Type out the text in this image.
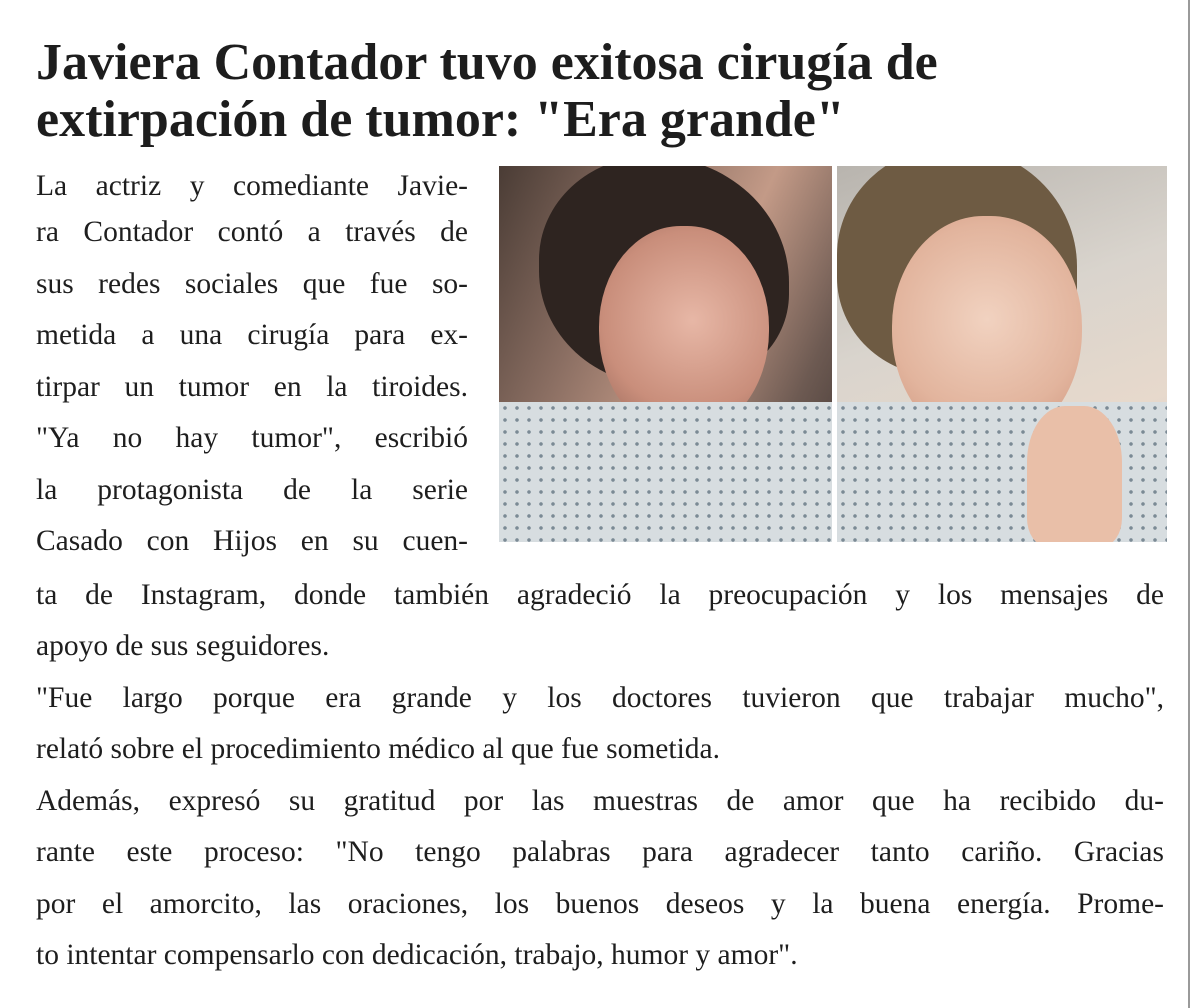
Javiera Contador tuvo exitosa cirugía de extirpación de tumor: "Era grande"
La actriz y comediante Javie-
ra Contador contó a través de
sus redes sociales que fue so-
metida a una cirugía para ex-
tirpar un tumor en la tiroides.
"Ya no hay tumor", escribió
la protagonista de la serie
Casado con Hijos en su cuen-
ta de Instagram, donde también agradeció la preocupación y los mensajes de
apoyo de sus seguidores.
"Fue largo porque era grande y los doctores tuvieron que trabajar mucho",
relató sobre el procedimiento médico al que fue sometida.
Además, expresó su gratitud por las muestras de amor que ha recibido du-
rante este proceso: "No tengo palabras para agradecer tanto cariño. Gracias
por el amorcito, las oraciones, los buenos deseos y la buena energía. Prome-
to intentar compensarlo con dedicación, trabajo, humor y amor".
